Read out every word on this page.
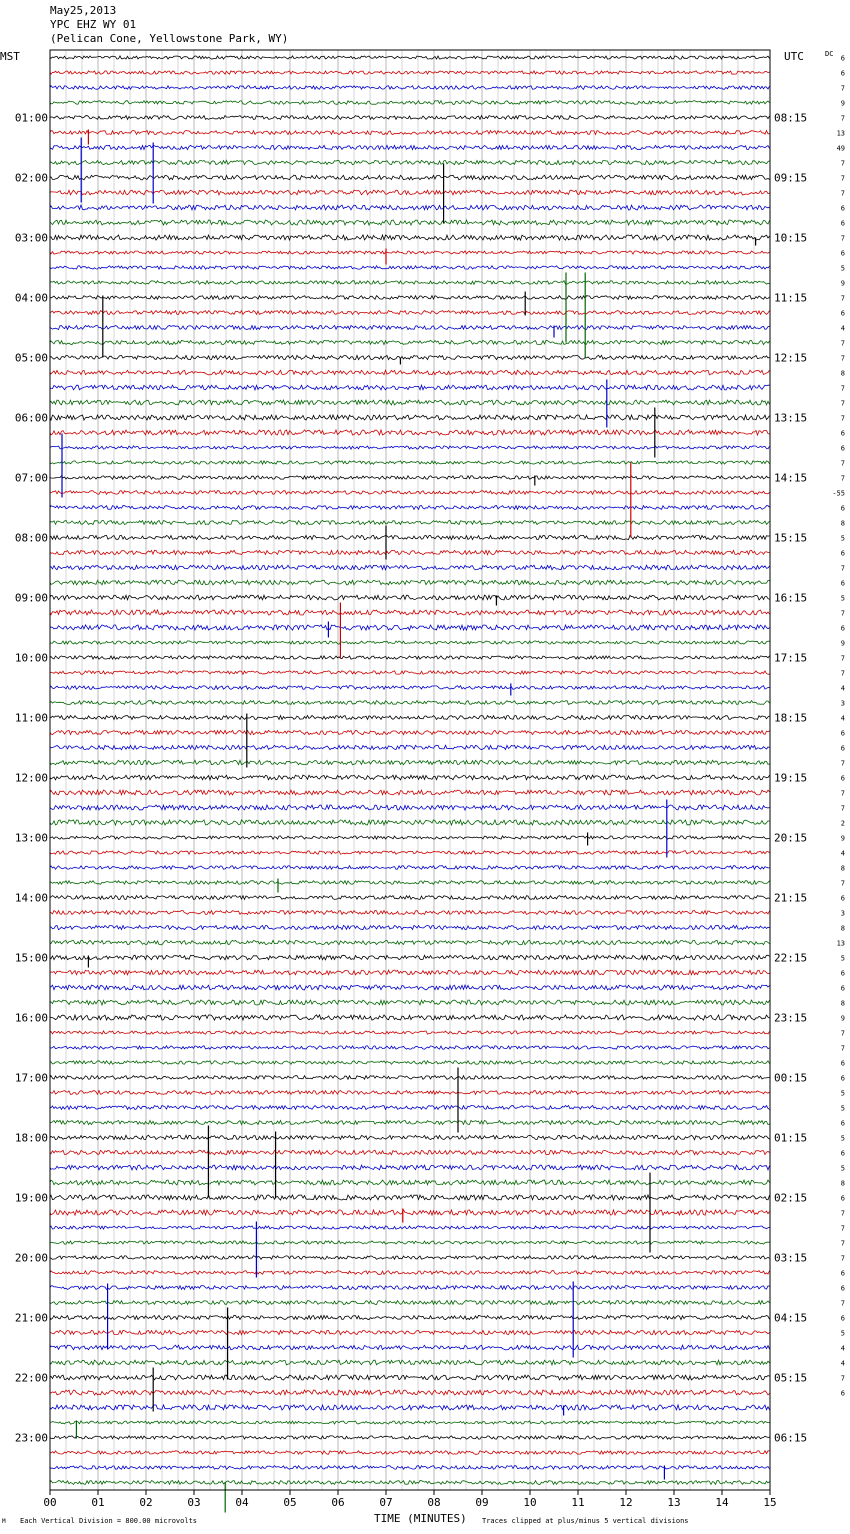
May25,2013
YPC EHZ WY 01
(Pelican Cone, Yellowstone Park, WY)
01:00
02:00
03:00
04:00
05:00
06:00
07:00
08:00
09:00
10:00
11:00
12:00
13:00
14:00
15:00
16:00
17:00
18:00
19:00
20:00
21:00
22:00
23:00
08:15
09:15
10:15
11:15
12:15
13:15
14:15
15:15
16:15
17:15
18:15
19:15
20:15
21:15
22:15
23:15
00:15
01:15
02:15
03:15
04:15
05:15
06:15
6
6
7
9
7
13
49
7
7
7
6
6
7
6
5
9
7
6
4
7
7
8
7
7
7
6
6
7
7
-55
6
8
5
6
7
6
5
7
6
9
7
7
4
3
4
6
6
7
6
7
7
2
9
4
8
7
6
3
8
13
5
6
6
8
9
7
7
6
6
5
5
6
5
6
5
8
6
7
7
7
7
6
6
7
6
5
4
4
7
6
00	01	02	03	04	05	06	07	08	09	10	11	12	13	14	15
MST	UTC	DC
TIME (MINUTES)
Each Vertical Division = 800.00 microvolts	Traces clipped at plus/minus 5 vertical divisions
M
